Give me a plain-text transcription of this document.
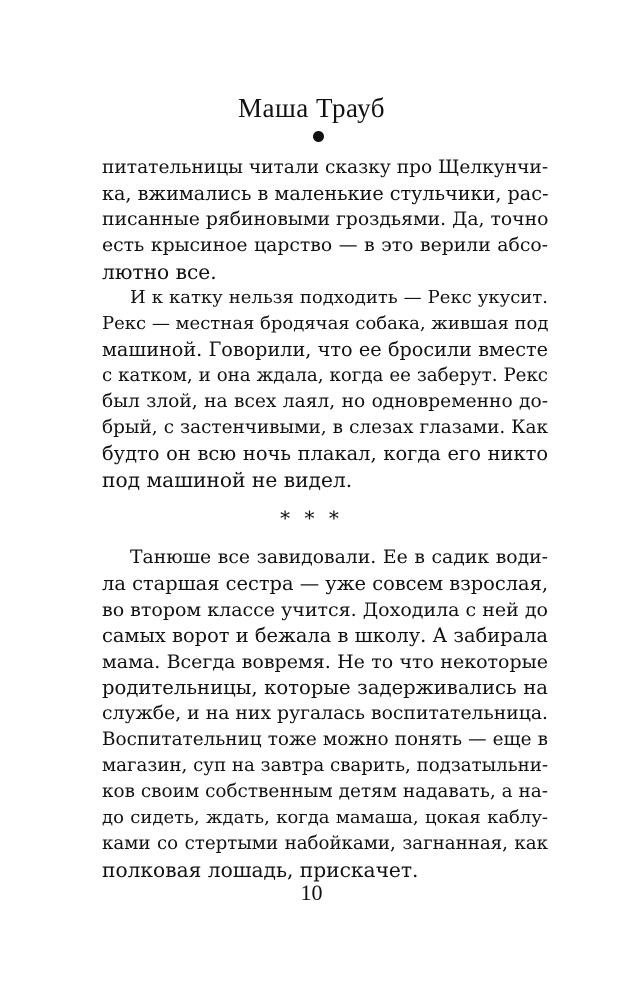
Маша Трауб
питательницы читали сказку про Щелкунчи-
ка, вжимались в маленькие стульчики, рас-
писанные рябиновыми гроздьями. Да, точно
есть крысиное царство — в это верили абсо-
лютно все.
И к катку нельзя подходить — Рекс укусит.
Рекс — местная бродячая собака, жившая под
машиной. Говорили, что ее бросили вместе
с катком, и она ждала, когда ее заберут. Рекс
был злой, на всех лаял, но одновременно до-
брый, с застенчивыми, в слезах глазами. Как
будто он всю ночь плакал, когда его никто
под машиной не видел.
* * *
Танюше все завидовали. Ее в садик води-
ла старшая сестра — уже совсем взрослая,
во втором классе учится. Доходила с ней до
самых ворот и бежала в школу. А забирала
мама. Всегда вовремя. Не то что некоторые
родительницы, которые задерживались на
службе, и на них ругалась воспитательница.
Воспитательниц тоже можно понять — еще в
магазин, суп на завтра сварить, подзатыльни-
ков своим собственным детям надавать, а на-
до сидеть, ждать, когда мамаша, цокая каблу-
ками со стертыми набойками, загнанная, как
полковая лошадь, прискачет.
10
